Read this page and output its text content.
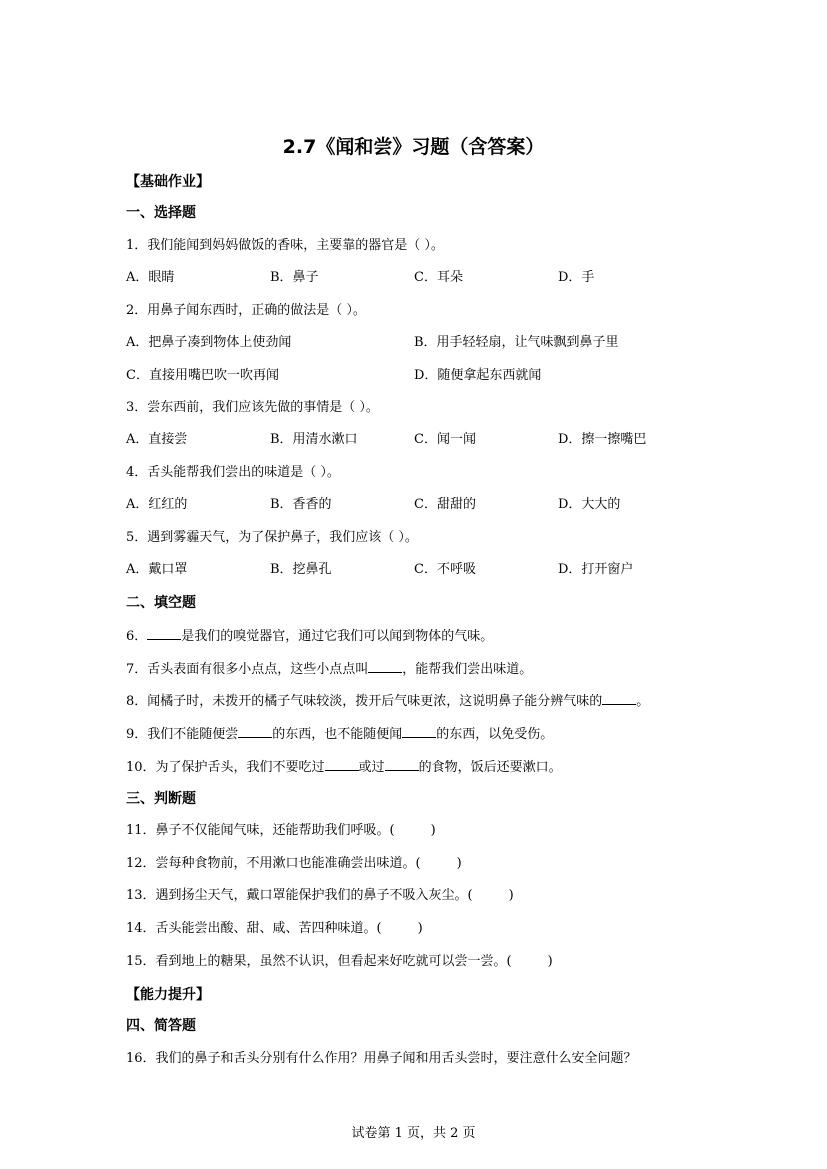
2.7《闻和尝》习题（含答案）
【基础作业】
一、选择题
1．我们能闻到妈妈做饭的香味，主要靠的器官是（ ）。
A．眼睛	B．鼻子	C．耳朵	D．手
2．用鼻子闻东西时，正确的做法是（ ）。
A．把鼻子凑到物体上使劲闻	B．用手轻轻扇，让气味飘到鼻子里
C．直接用嘴巴吹一吹再闻	D．随便拿起东西就闻
3．尝东西前，我们应该先做的事情是（ ）。
A．直接尝	B．用清水漱口	C．闻一闻	D．擦一擦嘴巴
4．舌头能帮我们尝出的味道是（ ）。
A．红红的	B．香香的	C．甜甜的	D．大大的
5．遇到雾霾天气，为了保护鼻子，我们应该（ ）。
A．戴口罩	B．挖鼻孔	C．不呼吸	D．打开窗户
二、填空题
6．	是我们的嗅觉器官，通过它我们可以闻到物体的气味。
7．舌头表面有很多小点点，这些小点点叫	，能帮我们尝出味道。
8．闻橘子时，未拨开的橘子气味较淡，拨开后气味更浓，这说明鼻子能分辨气味的	。
9．我们不能随便尝	的东西，也不能随便闻	的东西，以免受伤。
10．为了保护舌头，我们不要吃过	或过	的食物，饭后还要漱口。
三、判断题
11．鼻子不仅能闻气味，还能帮助我们呼吸。(	)
12．尝每种食物前，不用漱口也能准确尝出味道。(	)
13．遇到扬尘天气，戴口罩能保护我们的鼻子不吸入灰尘。(	)
14．舌头能尝出酸、甜、咸、苦四种味道。(	)
15．看到地上的糖果，虽然不认识，但看起来好吃就可以尝一尝。(	)
【能力提升】
四、简答题
16．我们的鼻子和舌头分别有什么作用？用鼻子闻和用舌头尝时，要注意什么安全问题？
试卷第 1 页，共 2 页
